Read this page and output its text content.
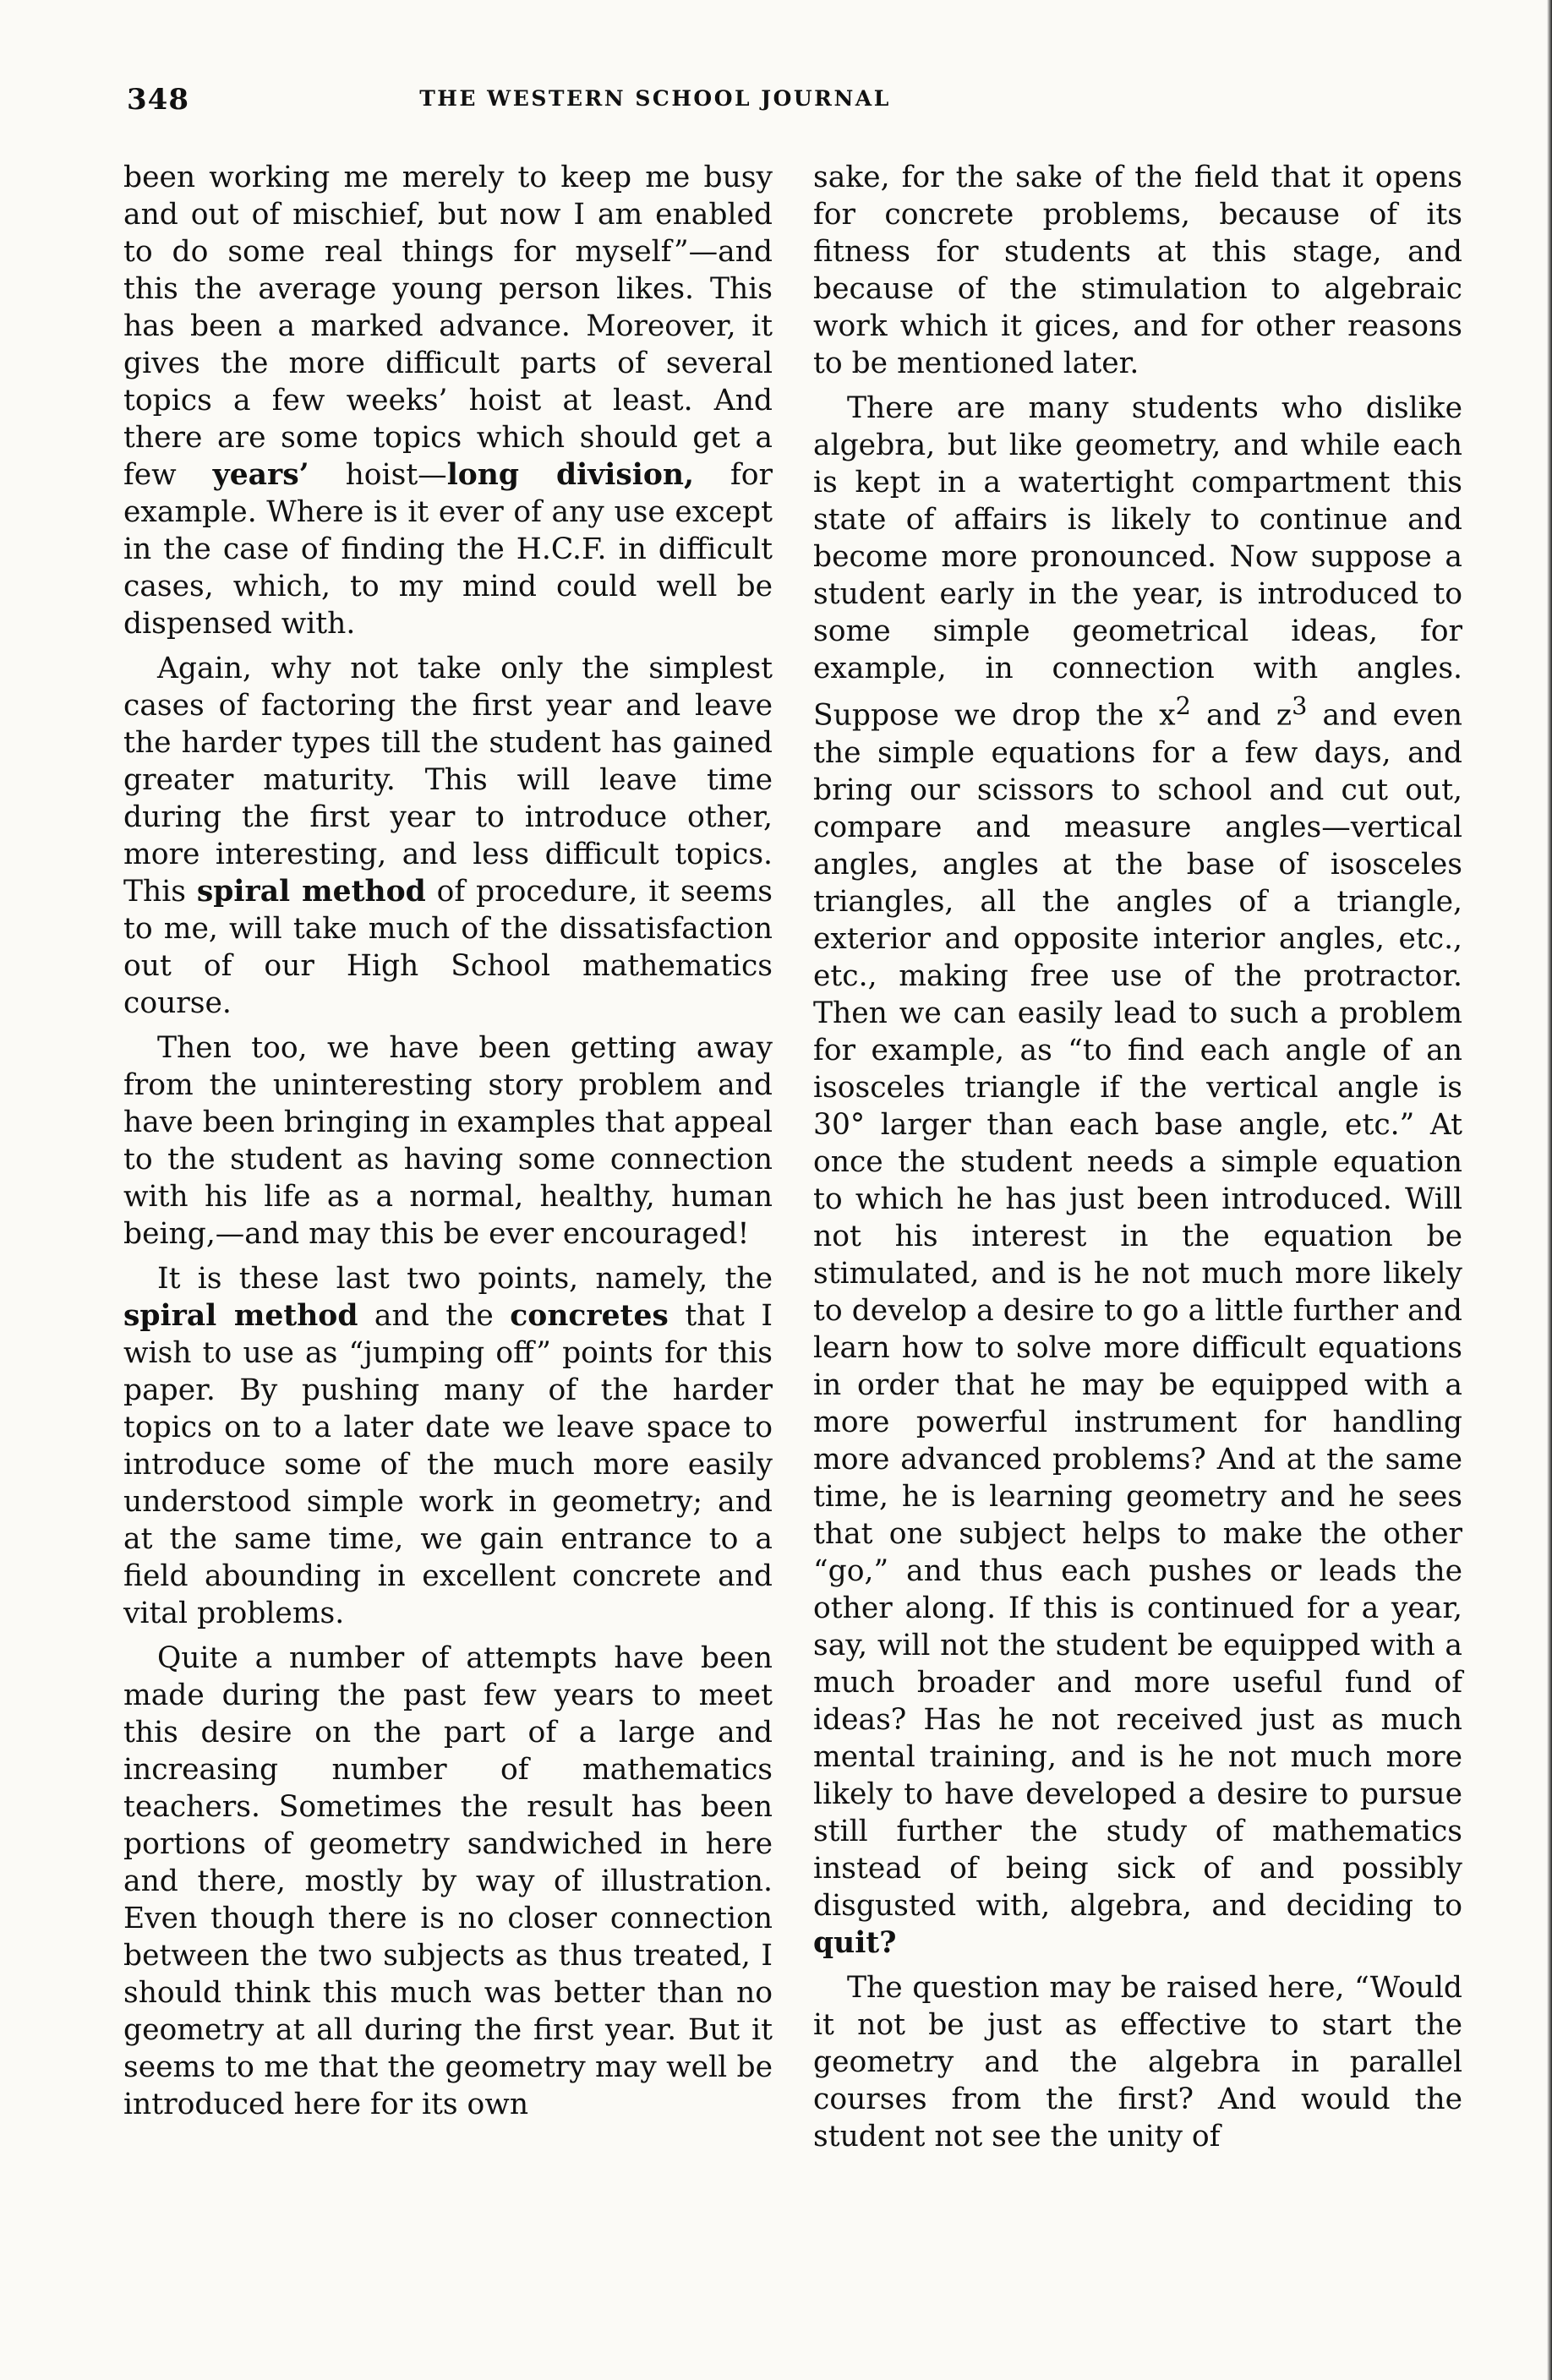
348	THE WESTERN SCHOOL JOURNAL

been working me merely to keep me busy and out of mischief, but now I am enabled to do some real things for myself”—and this the average young person likes. This has been a marked advance. Moreover, it gives the more difficult parts of several topics a few weeks’ hoist at least. And there are some topics which should get a few years’ hoist—long division, for example. Where is it ever of any use except in the case of finding the H.C.F. in difficult cases, which, to my mind could well be dispensed with.

Again, why not take only the simplest cases of factoring the first year and leave the harder types till the student has gained greater maturity. This will leave time during the first year to introduce other, more interesting, and less difficult topics. This spiral method of procedure, it seems to me, will take much of the dissatisfaction out of our High School mathematics course.

Then too, we have been getting away from the uninteresting story problem and have been bringing in examples that appeal to the student as having some connection with his life as a normal, healthy, human being,—and may this be ever encouraged!

It is these last two points, namely, the spiral method and the concretes that I wish to use as “jumping off” points for this paper. By pushing many of the harder topics on to a later date we leave space to introduce some of the much more easily understood simple work in geometry; and at the same time, we gain entrance to a field abounding in excellent concrete and vital problems.

Quite a number of attempts have been made during the past few years to meet this desire on the part of a large and increasing number of mathematics teachers. Sometimes the result has been portions of geometry sandwiched in here and there, mostly by way of illustration. Even though there is no closer connection between the two subjects as thus treated, I should think this much was better than no geometry at all during the first year. But it seems to me that the geometry may well be introduced here for its own

sake, for the sake of the field that it opens for concrete problems, because of its fitness for students at this stage, and because of the stimulation to algebraic work which it gices, and for other reasons to be mentioned later.

There are many students who dislike algebra, but like geometry, and while each is kept in a watertight compartment this state of affairs is likely to continue and become more pronounced. Now suppose a student early in the year, is introduced to some simple geometrical ideas, for example, in connection with angles. Suppose we drop the $x^2$ and $z^3$ and even the simple equations for a few days, and bring our scissors to school and cut out, compare and measure angles—vertical angles, angles at the base of isosceles triangles, all the angles of a triangle, exterior and opposite interior angles, etc., etc., making free use of the protractor. Then we can easily lead to such a problem for example, as “to find each angle of an isosceles triangle if the vertical angle is 30° larger than each base angle, etc.” At once the student needs a simple equation to which he has just been introduced. Will not his interest in the equation be stimulated, and is he not much more likely to develop a desire to go a little further and learn how to solve more difficult equations in order that he may be equipped with a more powerful instrument for handling more advanced problems? And at the same time, he is learning geometry and he sees that one subject helps to make the other “go,” and thus each pushes or leads the other along. If this is continued for a year, say, will not the student be equipped with a much broader and more useful fund of ideas? Has he not received just as much mental training, and is he not much more likely to have developed a desire to pursue still further the study of mathematics instead of being sick of and possibly disgusted with, algebra, and deciding to quit?

The question may be raised here, “Would it not be just as effective to start the geometry and the algebra in parallel courses from the first? And would the student not see the unity of
